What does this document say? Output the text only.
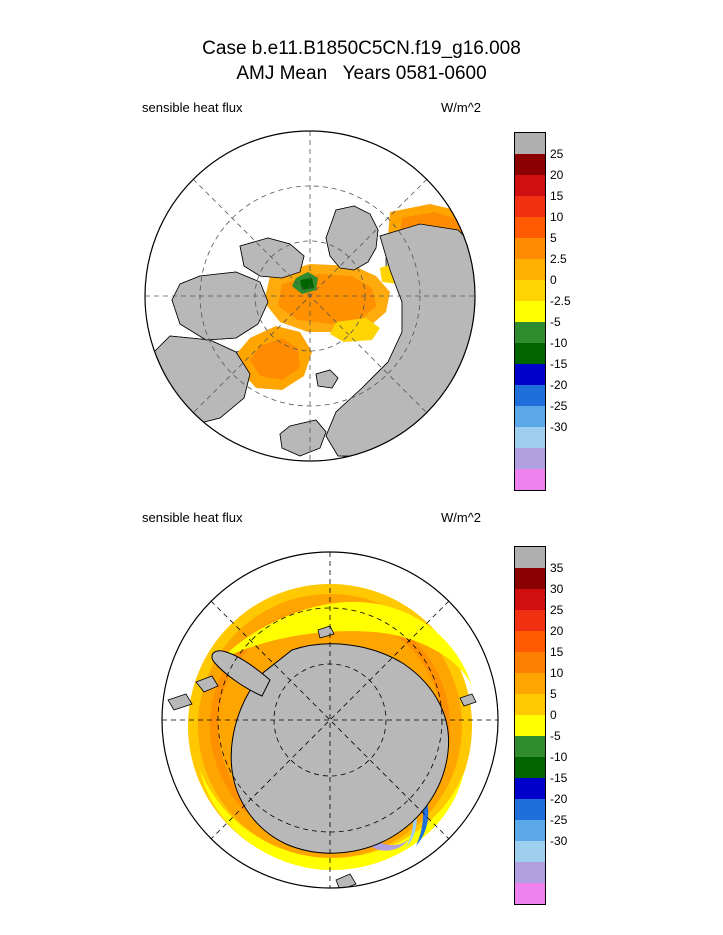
Case b.e11.B1850C5CN.f19_g16.008
AMJ Mean   Years 0581-0600
sensible heat flux	W/m^2
25
20
15
10
5
2.5
0
-2.5
-5
-10
-15
-20
-25
-30
sensible heat flux	W/m^2
35
30
25
20
15
10
5
0
-5
-10
-15
-20
-25
-30
